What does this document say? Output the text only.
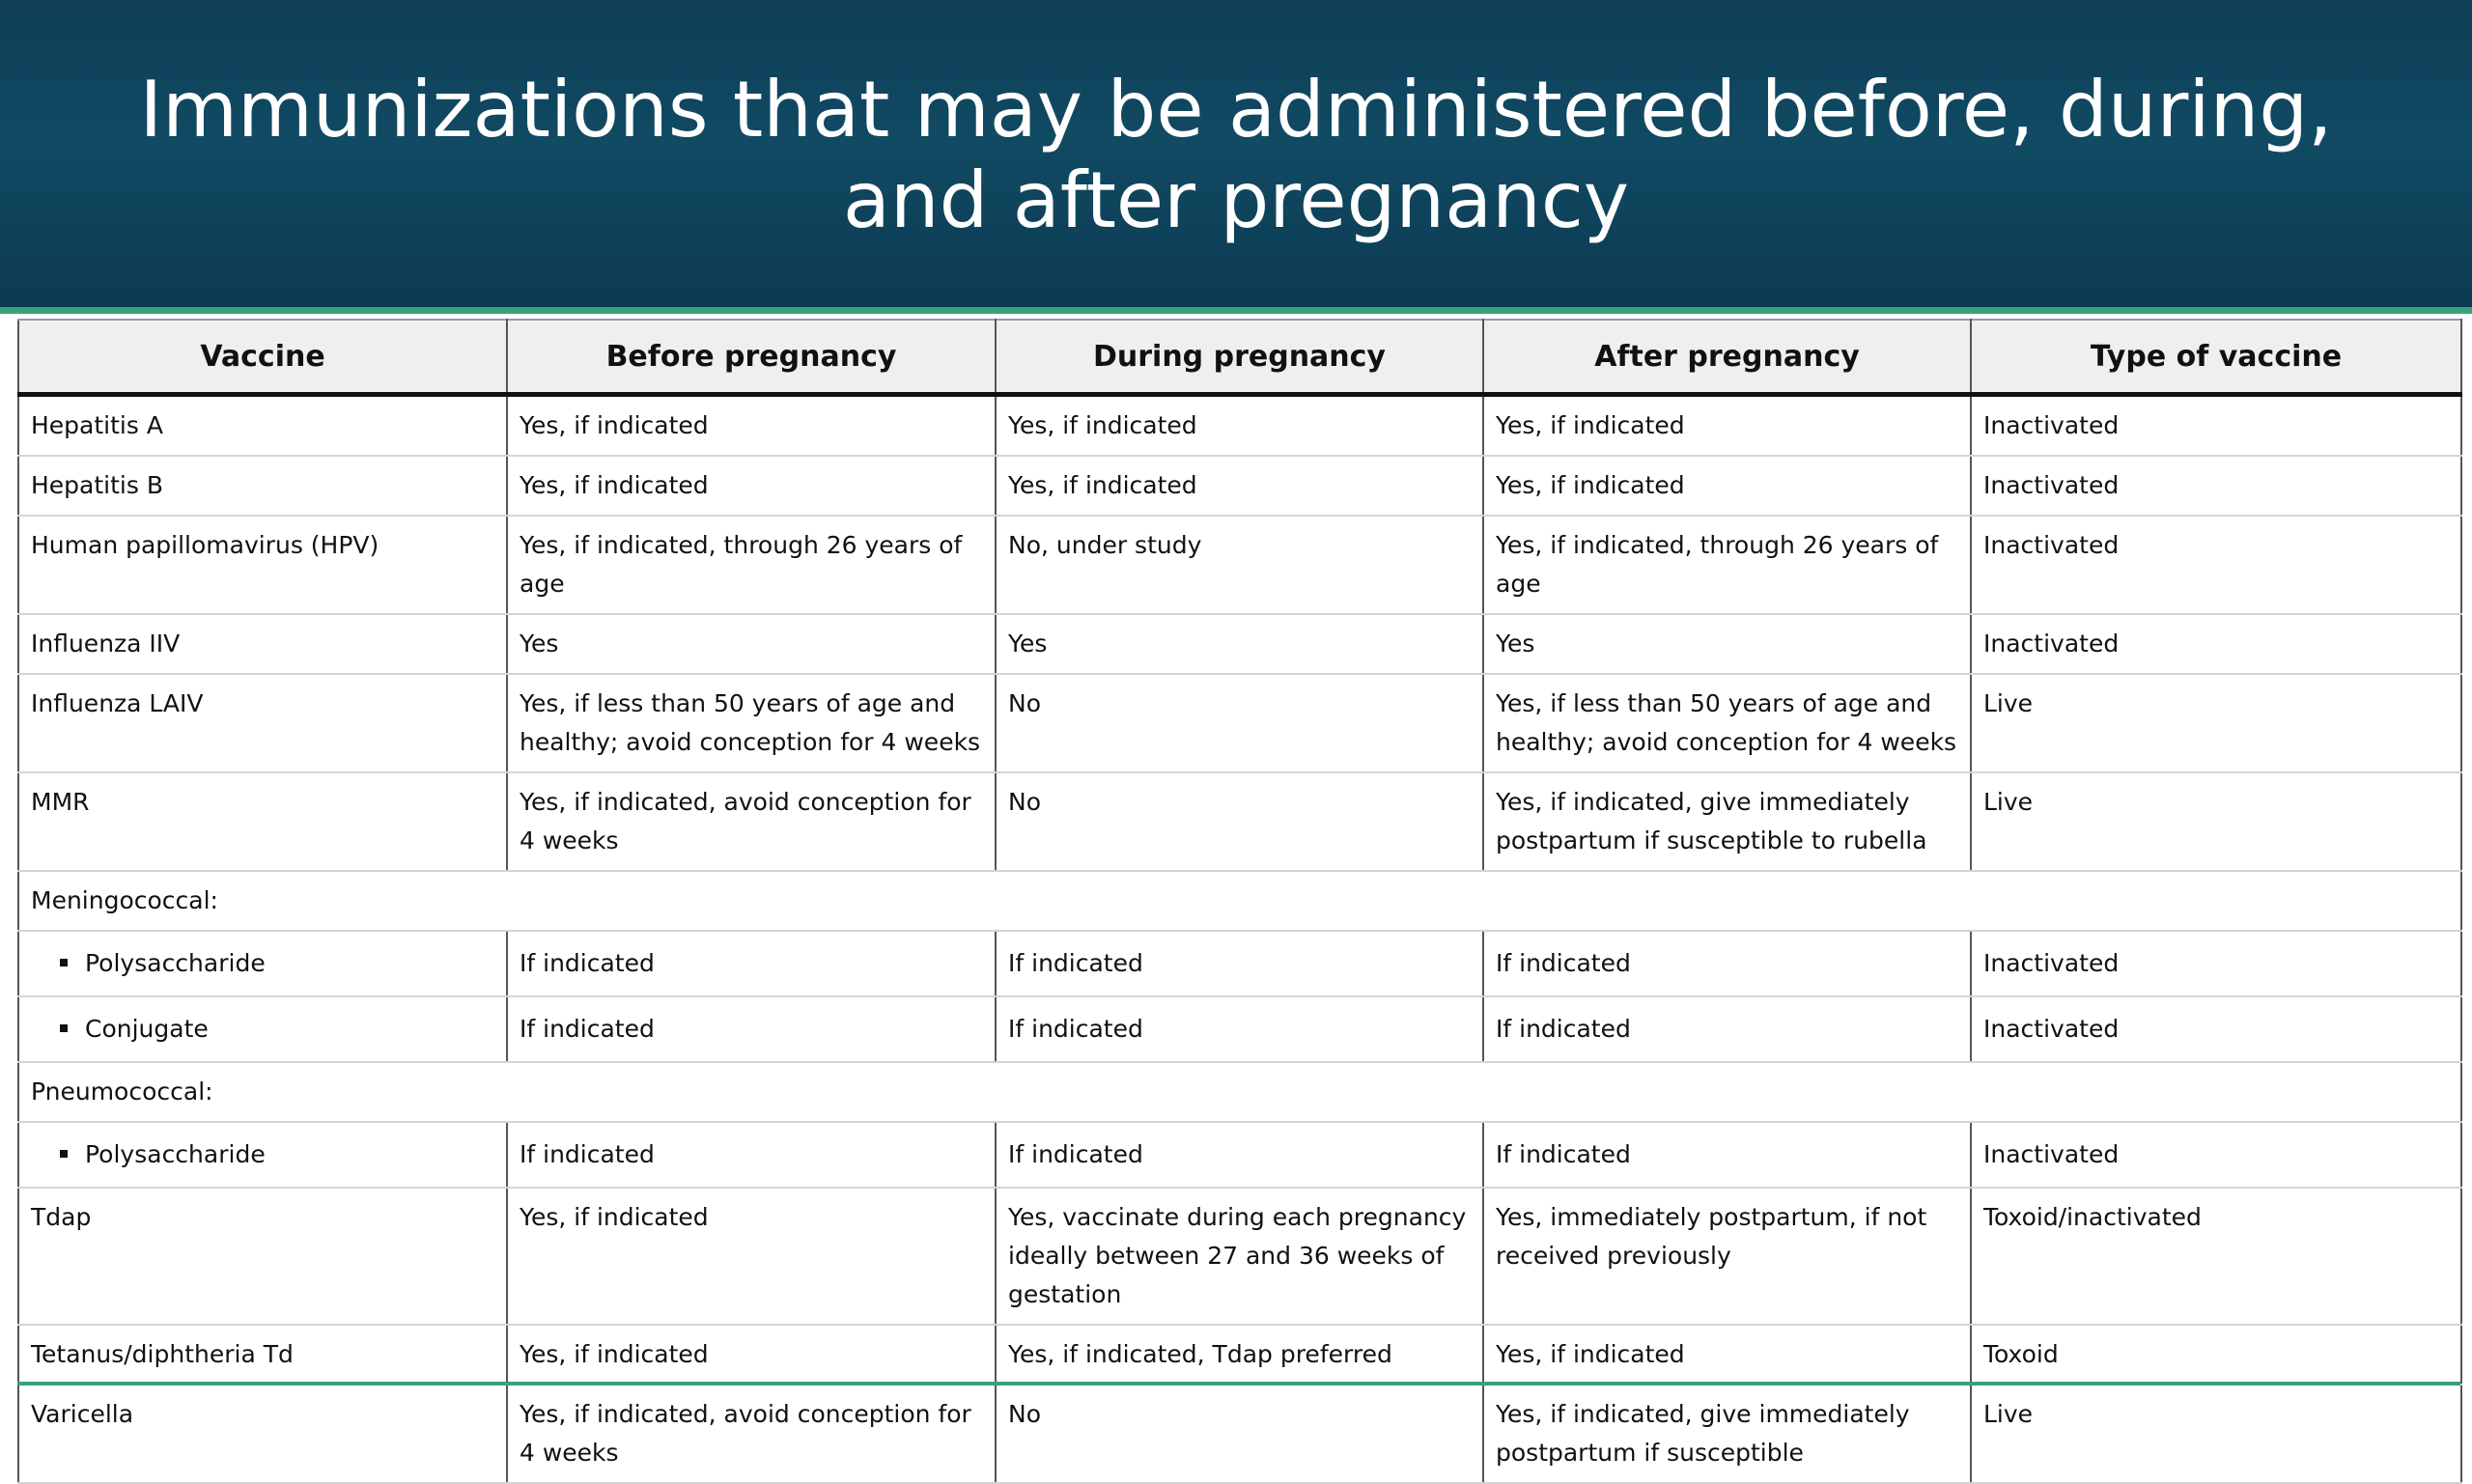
Immunizations that may be administered before, during, and after pregnancy
Vaccine	Before pregnancy	During pregnancy	After pregnancy	Type of vaccine
Hepatitis A	Yes, if indicated	Yes, if indicated	Yes, if indicated	Inactivated
Hepatitis B	Yes, if indicated	Yes, if indicated	Yes, if indicated	Inactivated
Human papillomavirus (HPV)	Yes, if indicated, through 26 years of age	No, under study	Yes, if indicated, through 26 years of age	Inactivated
Influenza IIV	Yes	Yes	Yes	Inactivated
Influenza LAIV	Yes, if less than 50 years of age and healthy; avoid conception for 4 weeks	No	Yes, if less than 50 years of age and healthy; avoid conception for 4 weeks	Live
MMR	Yes, if indicated, avoid conception for 4 weeks	No	Yes, if indicated, give immediately postpartum if susceptible to rubella	Live
Meningococcal:				
Polysaccharide	If indicated	If indicated	If indicated	Inactivated
Conjugate	If indicated	If indicated	If indicated	Inactivated
Pneumococcal:				
Polysaccharide	If indicated	If indicated	If indicated	Inactivated
Tdap	Yes, if indicated	Yes, vaccinate during each pregnancy ideally between 27 and 36 weeks of gestation	Yes, immediately postpartum, if not received previously	Toxoid/inactivated
Tetanus/diphtheria Td	Yes, if indicated	Yes, if indicated, Tdap preferred	Yes, if indicated	Toxoid
Varicella	Yes, if indicated, avoid conception for 4 weeks	No	Yes, if indicated, give immediately postpartum if susceptible	Live
